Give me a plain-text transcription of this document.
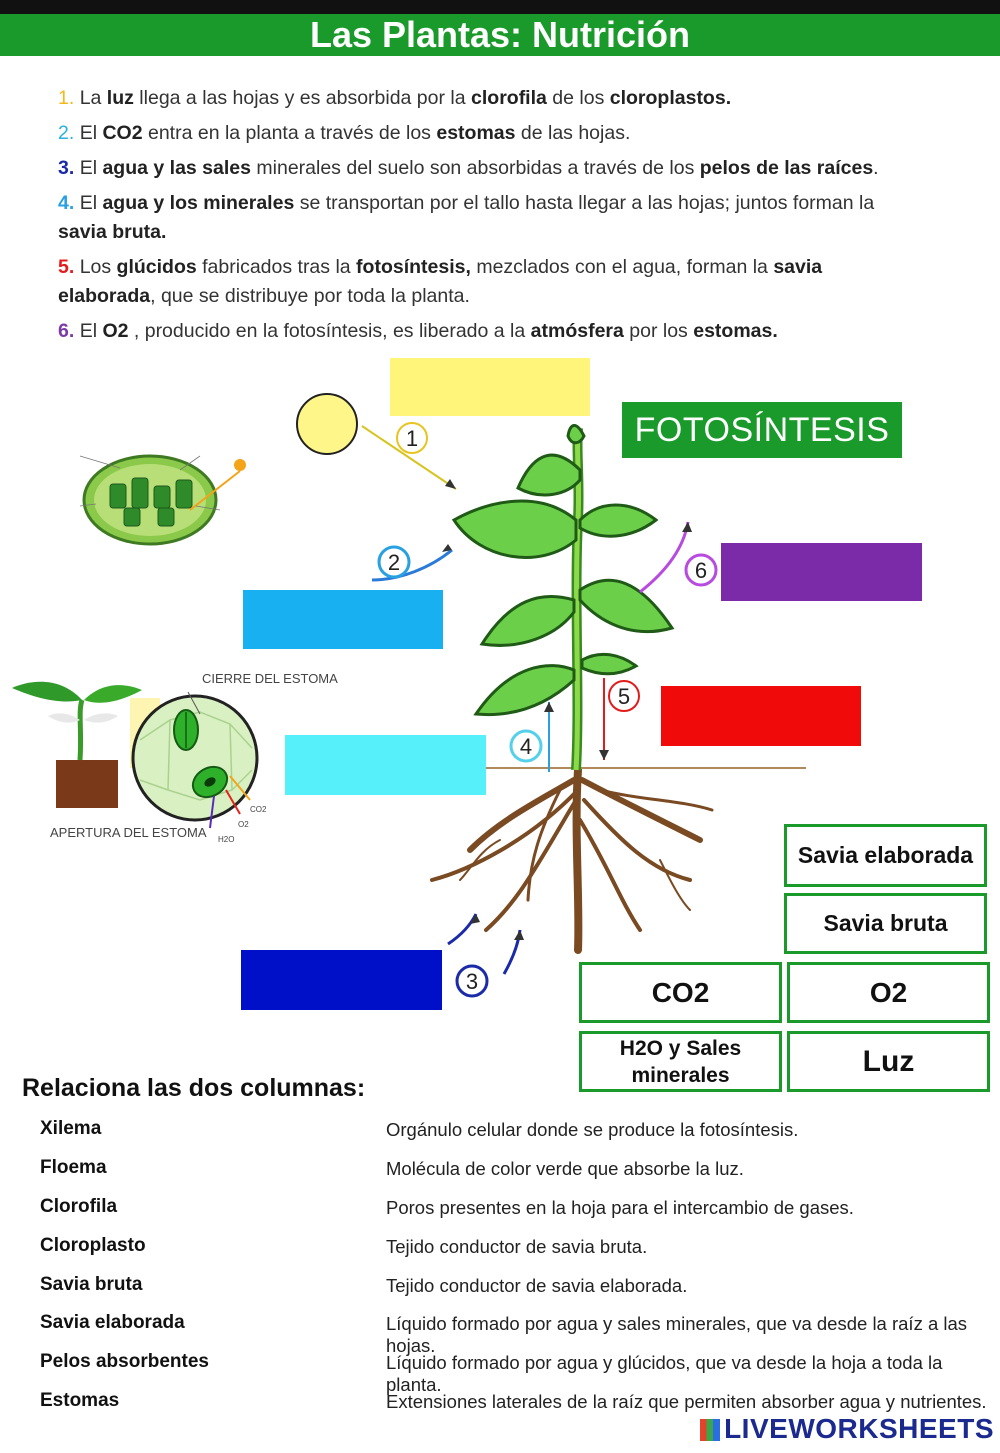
Las Plantas: Nutrición
1. La luz llega a las hojas y es absorbida por la clorofila de los cloroplastos.
2. El CO2 entra en la planta a través de los estomas de las hojas.
3. El agua y las sales minerales del suelo son absorbidas a través de los pelos de las raíces.
4. El agua y los minerales se transportan por el tallo hasta llegar a las hojas; juntos forman la savia bruta.
5. Los glúcidos fabricados tras la fotosíntesis, mezclados con el agua, forman la savia elaborada, que se distribuye por toda la planta.
6. El O2 , producido en la fotosíntesis, es liberado a la atmósfera por los estomas.
1
2
3
4
5
6
CIERRE DEL ESTOMA
APERTURA DEL ESTOMA
CO2
O2
H2O
FOTOSÍNTESIS
Savia elaborada
Savia bruta
CO2	O2
H2O y Sales minerales	Luz
Relaciona las dos columnas:
Xilema
Floema
Clorofila
Cloroplasto
Savia bruta
Savia elaborada
Pelos absorbentes
Estomas
Orgánulo celular donde se produce la fotosíntesis.
Molécula de color verde que absorbe la luz.
Poros presentes en la hoja para el intercambio de gases.
Tejido conductor de savia bruta.
Tejido conductor de savia elaborada.
Líquido formado por agua y sales minerales, que va desde la raíz a las hojas.
Líquido formado por agua y glúcidos, que va desde la hoja a toda la planta.
Extensiones laterales de la raíz que permiten absorber agua y nutrientes.
LIVEWORKSHEETS
